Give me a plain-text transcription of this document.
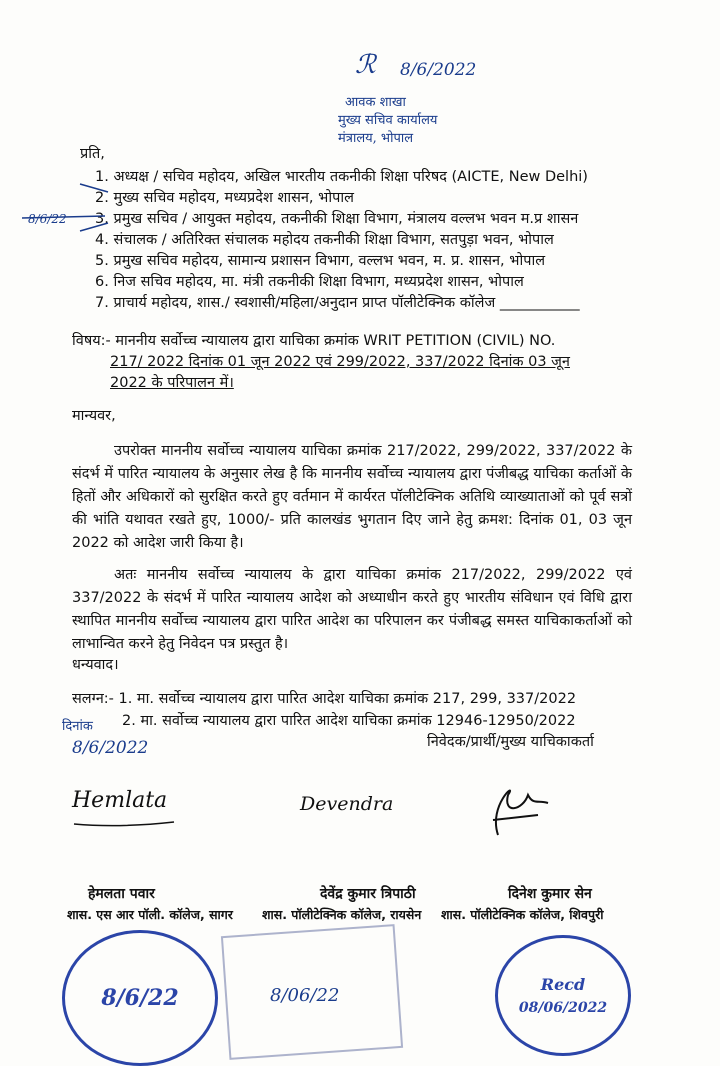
ℛ 8/6/2022
आवक शाखा
मुख्य सचिव कार्यालय
मंत्रालय, भोपाल
प्रति,
1. अध्यक्ष / सचिव महोदय, अखिल भारतीय तकनीकी शिक्षा परिषद (AICTE, New Delhi)
2. मुख्य सचिव महोदय, मध्यप्रदेश शासन, भोपाल
3. प्रमुख सचिव / आयुक्त महोदय, तकनीकी शिक्षा विभाग, मंत्रालय वल्लभ भवन म.प्र शासन
4. संचालक / अतिरिक्त संचालक महोदय तकनीकी शिक्षा विभाग, सतपुड़ा भवन, भोपाल
5. प्रमुख सचिव महोदय, सामान्य प्रशासन विभाग, वल्लभ भवन, म. प्र. शासन, भोपाल
6. निज सचिव महोदय, मा. मंत्री तकनीकी शिक्षा विभाग, मध्यप्रदेश शासन, भोपाल
7. प्राचार्य महोदय, शास./ स्वशासी/महिला/अनुदान प्राप्त पॉलीटेक्निक कॉलेज ___________
8/6/22
विषय:- माननीय सर्वोच्च न्यायालय द्वारा याचिका क्रमांक WRIT PETITION (CIVIL) NO.
217/ 2022 दिनांक 01 जून 2022 एवं 299/2022, 337/2022 दिनांक 03 जून
2022 के परिपालन में।
मान्यवर,
उपरोक्त माननीय सर्वोच्च न्यायालय याचिका क्रमांक 217/2022, 299/2022, 337/2022 के संदर्भ में पारित न्यायालय के अनुसार लेख है कि माननीय सर्वोच्च न्यायालय द्वारा पंजीबद्ध याचिका कर्ताओं के हितों और अधिकारों को सुरक्षित करते हुए वर्तमान में कार्यरत पॉलीटेक्निक अतिथि व्याख्याताओं को पूर्व सत्रों की भांति यथावत रखते हुए, 1000/- प्रति कालखंड भुगतान दिए जाने हेतु क्रमश: दिनांक 01, 03 जून 2022 को आदेश जारी किया है।
अतः माननीय सर्वोच्च न्यायालय के द्वारा याचिका क्रमांक 217/2022, 299/2022 एवं 337/2022 के संदर्भ में पारित न्यायालय आदेश को अध्याधीन करते हुए भारतीय संविधान एवं विधि द्वारा स्थापित माननीय सर्वोच्च न्यायालय द्वारा पारित आदेश का परिपालन कर पंजीबद्ध समस्त याचिकाकर्ताओं को लाभान्वित करने हेतु निवेदन पत्र प्रस्तुत है।
धन्यवाद।
सलग्न:- 1. मा. सर्वोच्च न्यायालय द्वारा पारित आदेश याचिका क्रमांक 217, 299, 337/2022
2. मा. सर्वोच्च न्यायालय द्वारा पारित आदेश याचिका क्रमांक 12946-12950/2022
दिनांक
8/6/2022	निवेदक/प्रार्थी/मुख्य याचिकाकर्ता
Hemlata	Devendra
हेमलता पवार
शास. एस आर पॉली. कॉलेज, सागर
देवेंद्र कुमार त्रिपाठी
शास. पॉलीटेक्निक कॉलेज, रायसेन
दिनेश कुमार सेन
शास. पॉलीटेक्निक कॉलेज, शिवपुरी
8/6/22	8/06/22
Recd
08/06/2022
